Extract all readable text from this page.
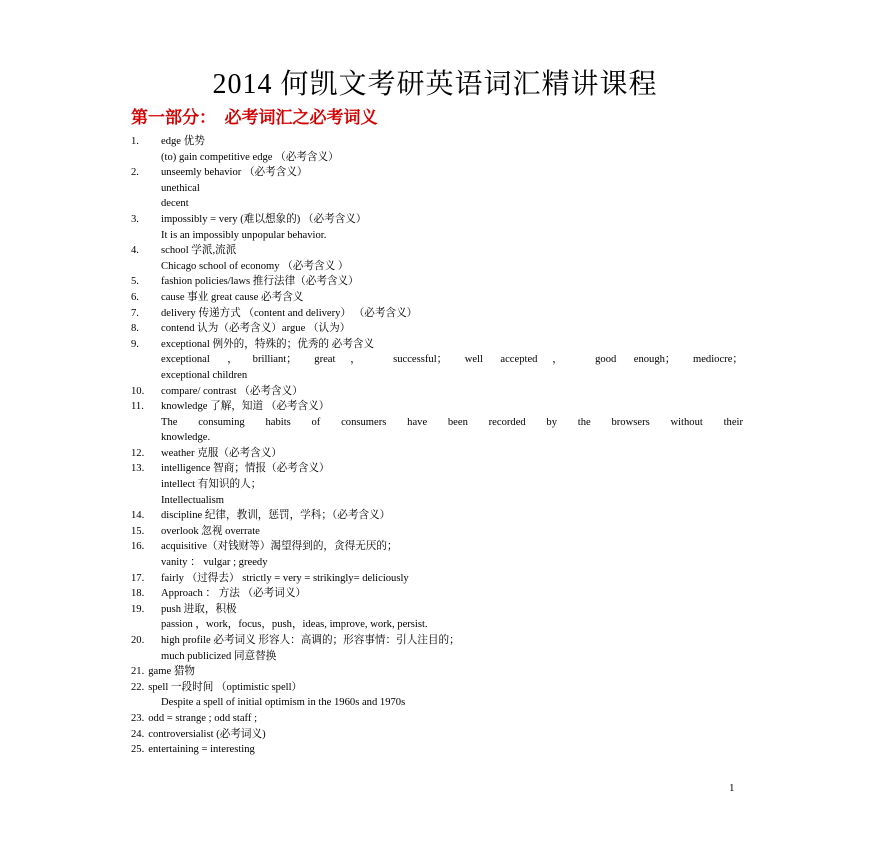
2014 何凯文考研英语词汇精讲课程
第一部分：  必考词汇之必考词义
1.	edge 优势
(to) gain competitive edge （必考含义）
2.	unseemly behavior （必考含义）
unethical
decent
3.	impossibly = very (难以想象的) （必考含义）
It is an impossibly unpopular behavior.
4.	school 学派,流派
Chicago school of economy （必考含义 ）
5.	fashion policies/laws 推行法律（必考含义）
6.	cause 事业 great cause 必考含义
7.	delivery 传递方式 （content and delivery） （必考含义）
8.	contend 认为（必考含义）argue （认为）
9.	exceptional 例外的，特殊的；优秀的 必考含义
exceptional ，brilliant； great， successful； well accepted， good enough； mediocre；
exceptional children
10.	compare/ contrast （必考含义）
11.	knowledge 了解，知道 （必考含义）
The consuming habits of consumers have been recorded by the browsers without their
knowledge.
12.	weather 克服（必考含义）
13.	intelligence 智商；情报（必考含义）
intellect 有知识的人；
Intellectualism
14.	discipline 纪律，教训，惩罚，学科；（必考含义）
15.	overlook 忽视 overrate
16.	acquisitive（对钱财等）渴望得到的，贪得无厌的；
vanity ： vulgar ; greedy
17.	fairly （过得去） strictly = very = strikingly= deliciously
18.	Approach ： 方法 （必考词义）
19.	push 进取，积极
passion ，work，focus，push，ideas, improve, work, persist.
20.	high profile 必考词义 形容人：高调的；形容事情：引人注目的；
much publicized 同意替换
21. game 猎物
22. spell 一段时间 （optimistic spell）
Despite a spell of initial optimism in the 1960s and 1970s
23. odd = strange ; odd staff ;
24. controversialist (必考词义)
25. entertaining = interesting
1
